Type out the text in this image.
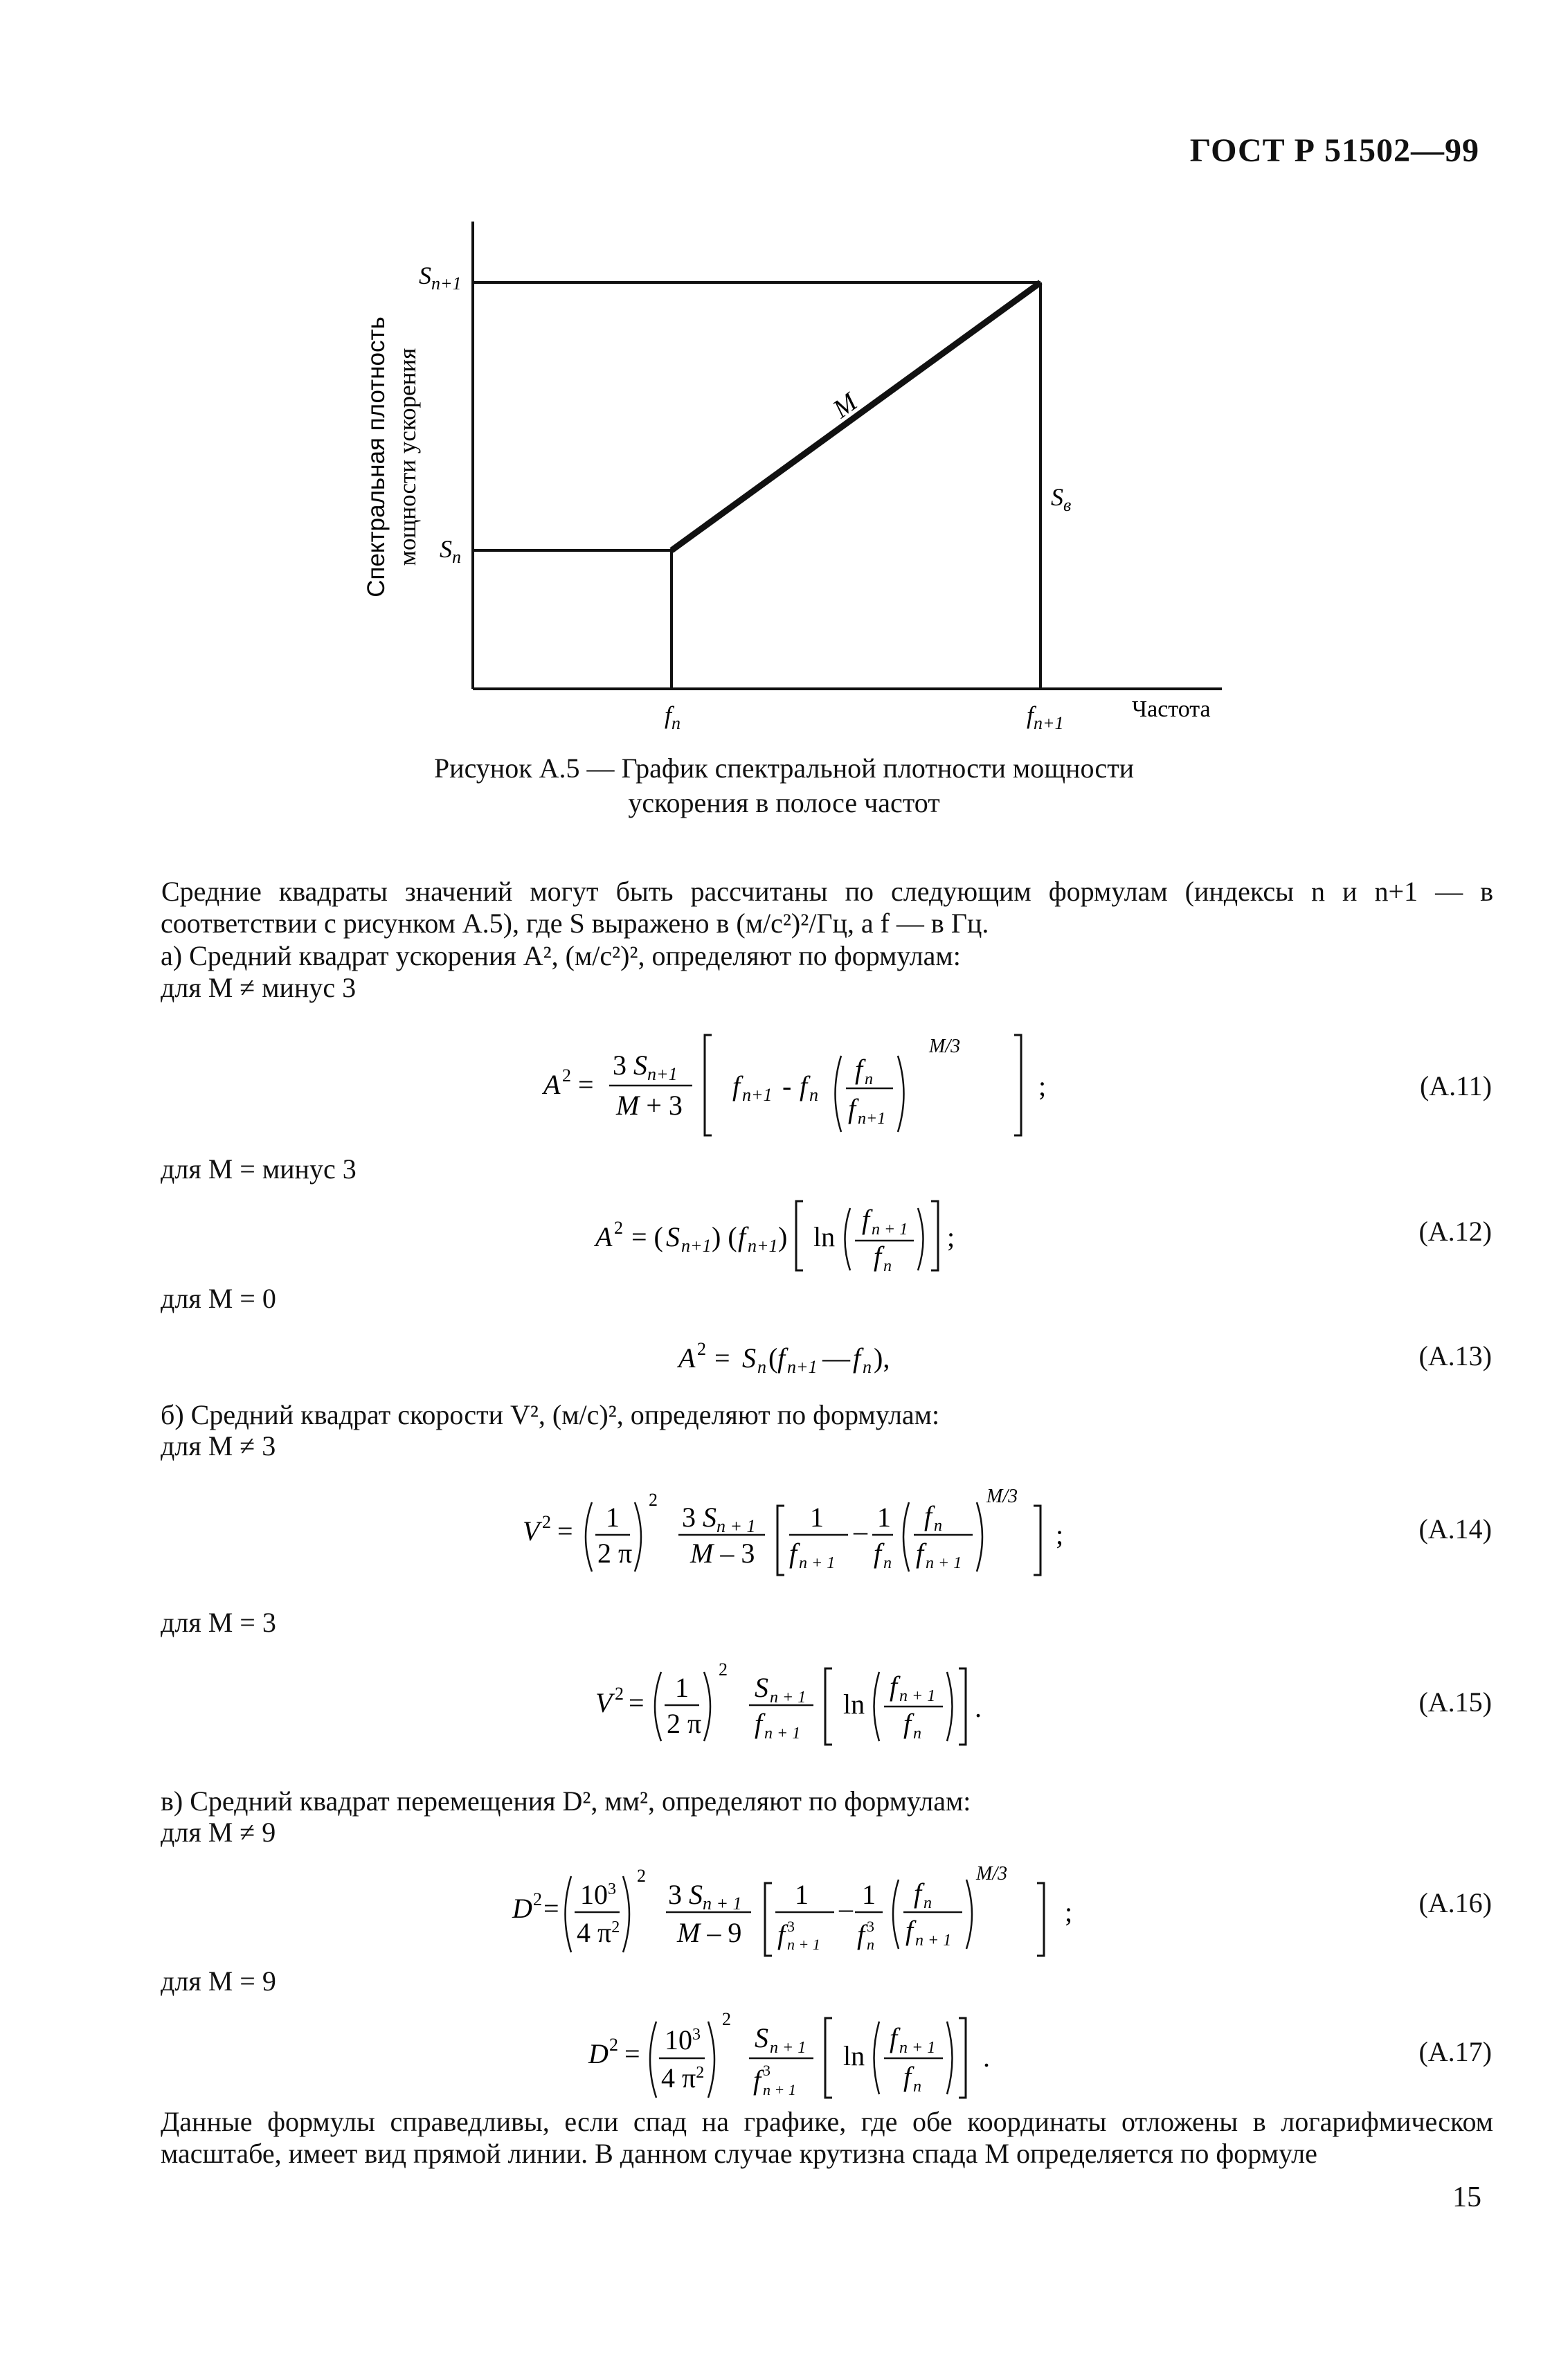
ГОСТ Р 51502—99
Спектральная плотность мощности ускорения
$S_{n+1}$
$S_n$
$f_n$	$f_{n+1}$
Частота
M
$S_в$
Рисунок А.5 — График спектральной плотности мощности
ускорения в полосе частот
Средние квадраты значений могут быть рассчитаны по следующим формулам (индексы n и n+1 — в
соответствии с рисунком А.5), где S выражено в (м/с²)²/Гц, а f — в Гц.
а) Средний квадрат ускорения A², (м/с²)², определяют по формулам:
для M ≠ минус 3
A 2 =
3 $S_{n+1}$
M + 3
f n+1 - f n
f n
f n+1
M/3
;	(А.11)
для M = минус 3
A 2 = ( S n+1 ) ( f n+1 ) ln
f n + 1
f n
;	(А.12)
для M = 0
A 2 = S n ( f n+1 — f n ),	(А.13)
б) Средний квадрат скорости V², (м/с)², определяют по формулам:
для M ≠ 3
V 2 = 1
2 π
2
3 $S_{n + 1}$
M – 3
1
f n + 1
– 1
f n
f n
f n + 1
M/3
;	(А.14)
для M = 3
V 2 = 1
2 π
2
S n + 1
f n + 1
ln
f n + 1
f n
.	(А.15)
в) Средний квадрат перемещения D², мм², определяют по формулам:
для M ≠ 9
D $2 = 10^3$
4 $\pi^2$
2
3 $S_{n + 1}$
M – 9
1
f 3
n + 1
– 1
f 3
n
f n
f n + 1
M/3
;	(А.16)
для M = 9
D $2 = 10^3$
4 $\pi^2$
2
S n + 1
f 3
n + 1
ln
f n + 1
f n
.	(А.17)
Данные формулы справедливы, если спад на графике, где обе координаты отложены в логарифмическом
масштабе, имеет вид прямой линии. В данном случае крутизна спада M определяется по формуле
15
